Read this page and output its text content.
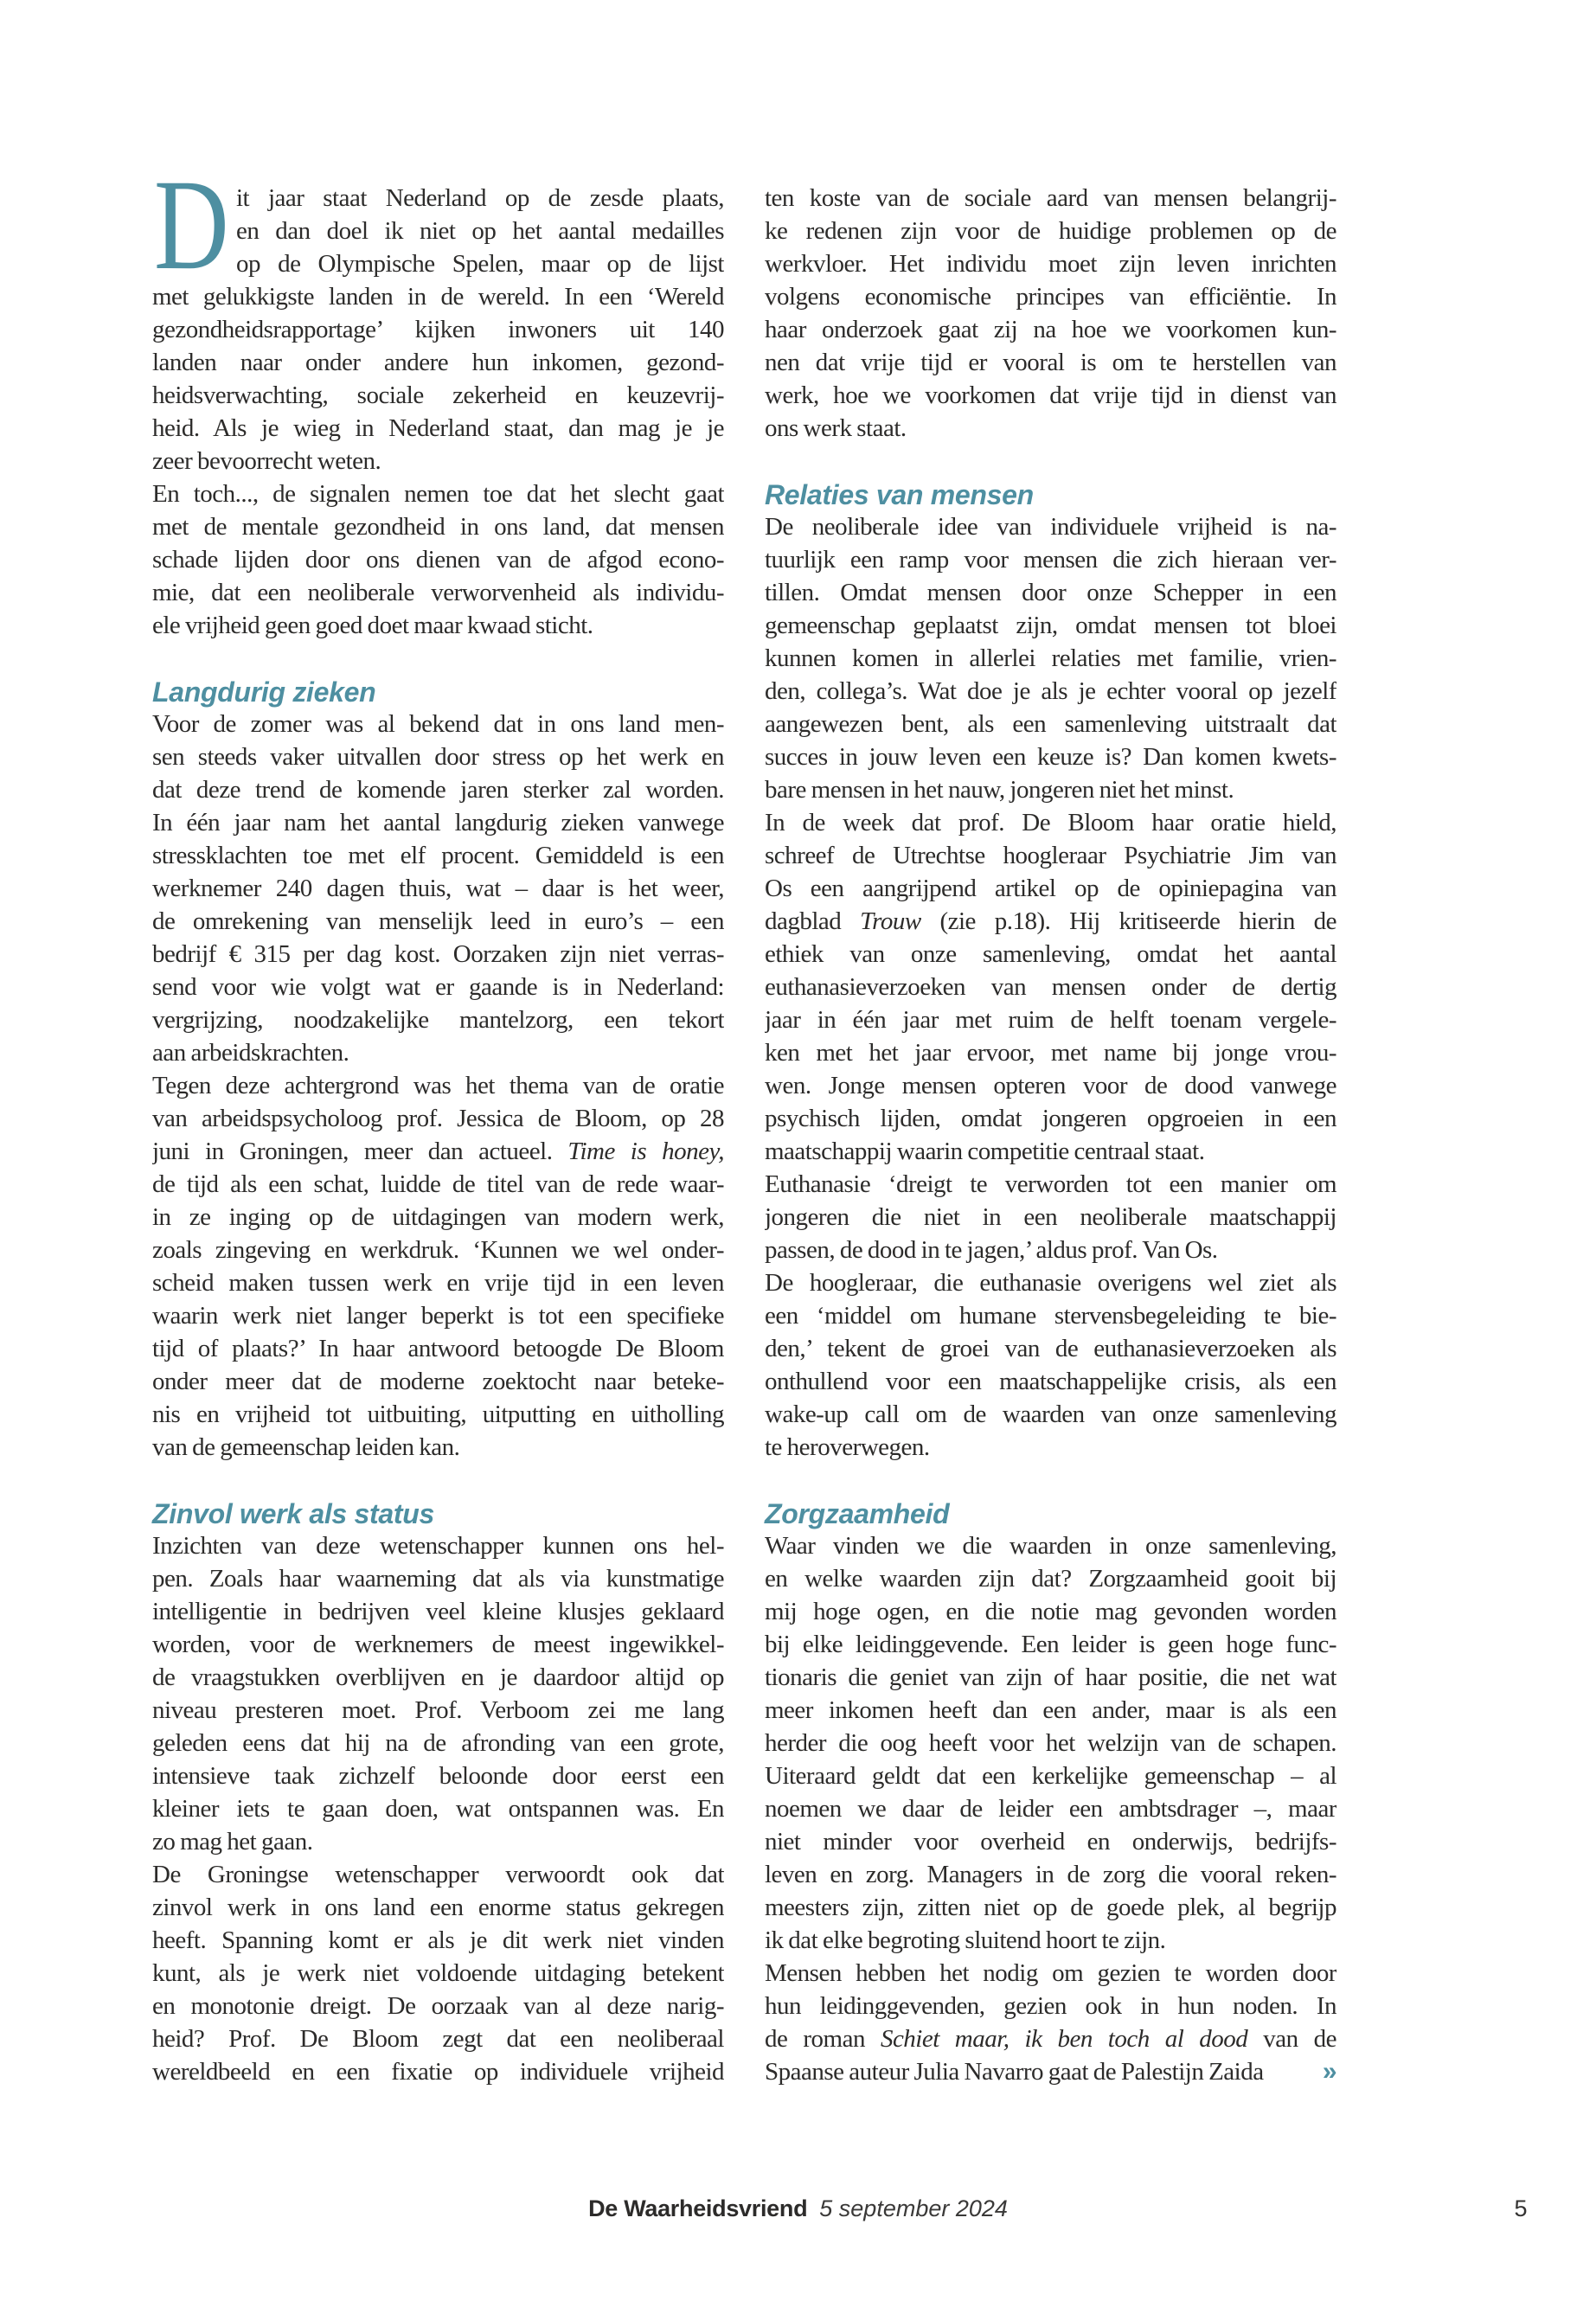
D it jaar staat Nederland op de zesde plaats,
en dan doel ik niet op het aantal medailles
op de Olympische Spelen, maar op de lijst
met gelukkigste landen in de wereld. In een ‘Wereld
gezondheidsrapportage’ kijken inwoners uit 140
landen naar onder andere hun inkomen, gezond-
heidsverwachting, sociale zekerheid en keuzevrij-
heid. Als je wieg in Nederland staat, dan mag je je
zeer bevoorrecht weten.
En toch..., de signalen nemen toe dat het slecht gaat
met de mentale gezondheid in ons land, dat mensen
schade lijden door ons dienen van de afgod econo-
mie, dat een neoliberale verworvenheid als individu-
ele vrijheid geen goed doet maar kwaad sticht.
Langdurig zieken
Voor de zomer was al bekend dat in ons land men-
sen steeds vaker uitvallen door stress op het werk en
dat deze trend de komende jaren sterker zal worden.
In één jaar nam het aantal langdurig zieken vanwege
stressklachten toe met elf procent. Gemiddeld is een
werknemer 240 dagen thuis, wat – daar is het weer,
de omrekening van menselijk leed in euro’s – een
bedrijf € 315 per dag kost. Oorzaken zijn niet verras-
send voor wie volgt wat er gaande is in Nederland:
vergrijzing, noodzakelijke mantelzorg, een tekort
aan arbeidskrachten.
Tegen deze achtergrond was het thema van de oratie
van arbeidspsycholoog prof. Jessica de Bloom, op 28
juni in Groningen, meer dan actueel. Time is honey,
de tijd als een schat, luidde de titel van de rede waar-
in ze inging op de uitdagingen van modern werk,
zoals zingeving en werkdruk. ‘Kunnen we wel onder-
scheid maken tussen werk en vrije tijd in een leven
waarin werk niet langer beperkt is tot een specifieke
tijd of plaats?’ In haar antwoord betoogde De Bloom
onder meer dat de moderne zoektocht naar beteke-
nis en vrijheid tot uitbuiting, uitputting en uitholling
van de gemeenschap leiden kan.
Zinvol werk als status
Inzichten van deze wetenschapper kunnen ons hel-
pen. Zoals haar waarneming dat als via kunstmatige
intelligentie in bedrijven veel kleine klusjes geklaard
worden, voor de werknemers de meest ingewikkel-
de vraagstukken overblijven en je daardoor altijd op
niveau presteren moet. Prof. Verboom zei me lang
geleden eens dat hij na de afronding van een grote,
intensieve taak zichzelf beloonde door eerst een
kleiner iets te gaan doen, wat ontspannen was. En
zo mag het gaan.
De Groningse wetenschapper verwoordt ook dat
zinvol werk in ons land een enorme status gekregen
heeft. Spanning komt er als je dit werk niet vinden
kunt, als je werk niet voldoende uitdaging betekent
en monotonie dreigt. De oorzaak van al deze narig-
heid? Prof. De Bloom zegt dat een neoliberaal
wereldbeeld en een fixatie op individuele vrijheid
ten koste van de sociale aard van mensen belangrij-
ke redenen zijn voor de huidige problemen op de
werkvloer. Het individu moet zijn leven inrichten
volgens economische principes van efficiëntie. In
haar onderzoek gaat zij na hoe we voorkomen kun-
nen dat vrije tijd er vooral is om te herstellen van
werk, hoe we voorkomen dat vrije tijd in dienst van
ons werk staat.
Relaties van mensen
De neoliberale idee van individuele vrijheid is na-
tuurlijk een ramp voor mensen die zich hieraan ver-
tillen. Omdat mensen door onze Schepper in een
gemeenschap geplaatst zijn, omdat mensen tot bloei
kunnen komen in allerlei relaties met familie, vrien-
den, collega’s. Wat doe je als je echter vooral op jezelf
aangewezen bent, als een samenleving uitstraalt dat
succes in jouw leven een keuze is? Dan komen kwets-
bare mensen in het nauw, jongeren niet het minst.
In de week dat prof. De Bloom haar oratie hield,
schreef de Utrechtse hoogleraar Psychiatrie Jim van
Os een aangrijpend artikel op de opiniepagina van
dagblad Trouw (zie p.18). Hij kritiseerde hierin de
ethiek van onze samenleving, omdat het aantal
euthanasieverzoeken van mensen onder de dertig
jaar in één jaar met ruim de helft toenam vergele-
ken met het jaar ervoor, met name bij jonge vrou-
wen. Jonge mensen opteren voor de dood vanwege
psychisch lijden, omdat jongeren opgroeien in een
maatschappij waarin competitie centraal staat.
Euthanasie ‘dreigt te verworden tot een manier om
jongeren die niet in een neoliberale maatschappij
passen, de dood in te jagen,’ aldus prof. Van Os.
De hoogleraar, die euthanasie overigens wel ziet als
een ‘middel om humane stervensbegeleiding te bie-
den,’ tekent de groei van de euthanasieverzoeken als
onthullend voor een maatschappelijke crisis, als een
wake-up call om de waarden van onze samenleving
te heroverwegen.
Zorgzaamheid
Waar vinden we die waarden in onze samenleving,
en welke waarden zijn dat? Zorgzaamheid gooit bij
mij hoge ogen, en die notie mag gevonden worden
bij elke leidinggevende. Een leider is geen hoge func-
tionaris die geniet van zijn of haar positie, die net wat
meer inkomen heeft dan een ander, maar is als een
herder die oog heeft voor het welzijn van de schapen.
Uiteraard geldt dat een kerkelijke gemeenschap – al
noemen we daar de leider een ambtsdrager –, maar
niet minder voor overheid en onderwijs, bedrijfs-
leven en zorg. Managers in de zorg die vooral reken-
meesters zijn, zitten niet op de goede plek, al begrijp
ik dat elke begroting sluitend hoort te zijn.
Mensen hebben het nodig om gezien te worden door
hun leidinggevenden, gezien ook in hun noden. In
de roman Schiet maar, ik ben toch al dood van de
Spaanse auteur Julia Navarro gaat de Palestijn Zaida »
De Waarheidsvriend 5 september 2024	5
